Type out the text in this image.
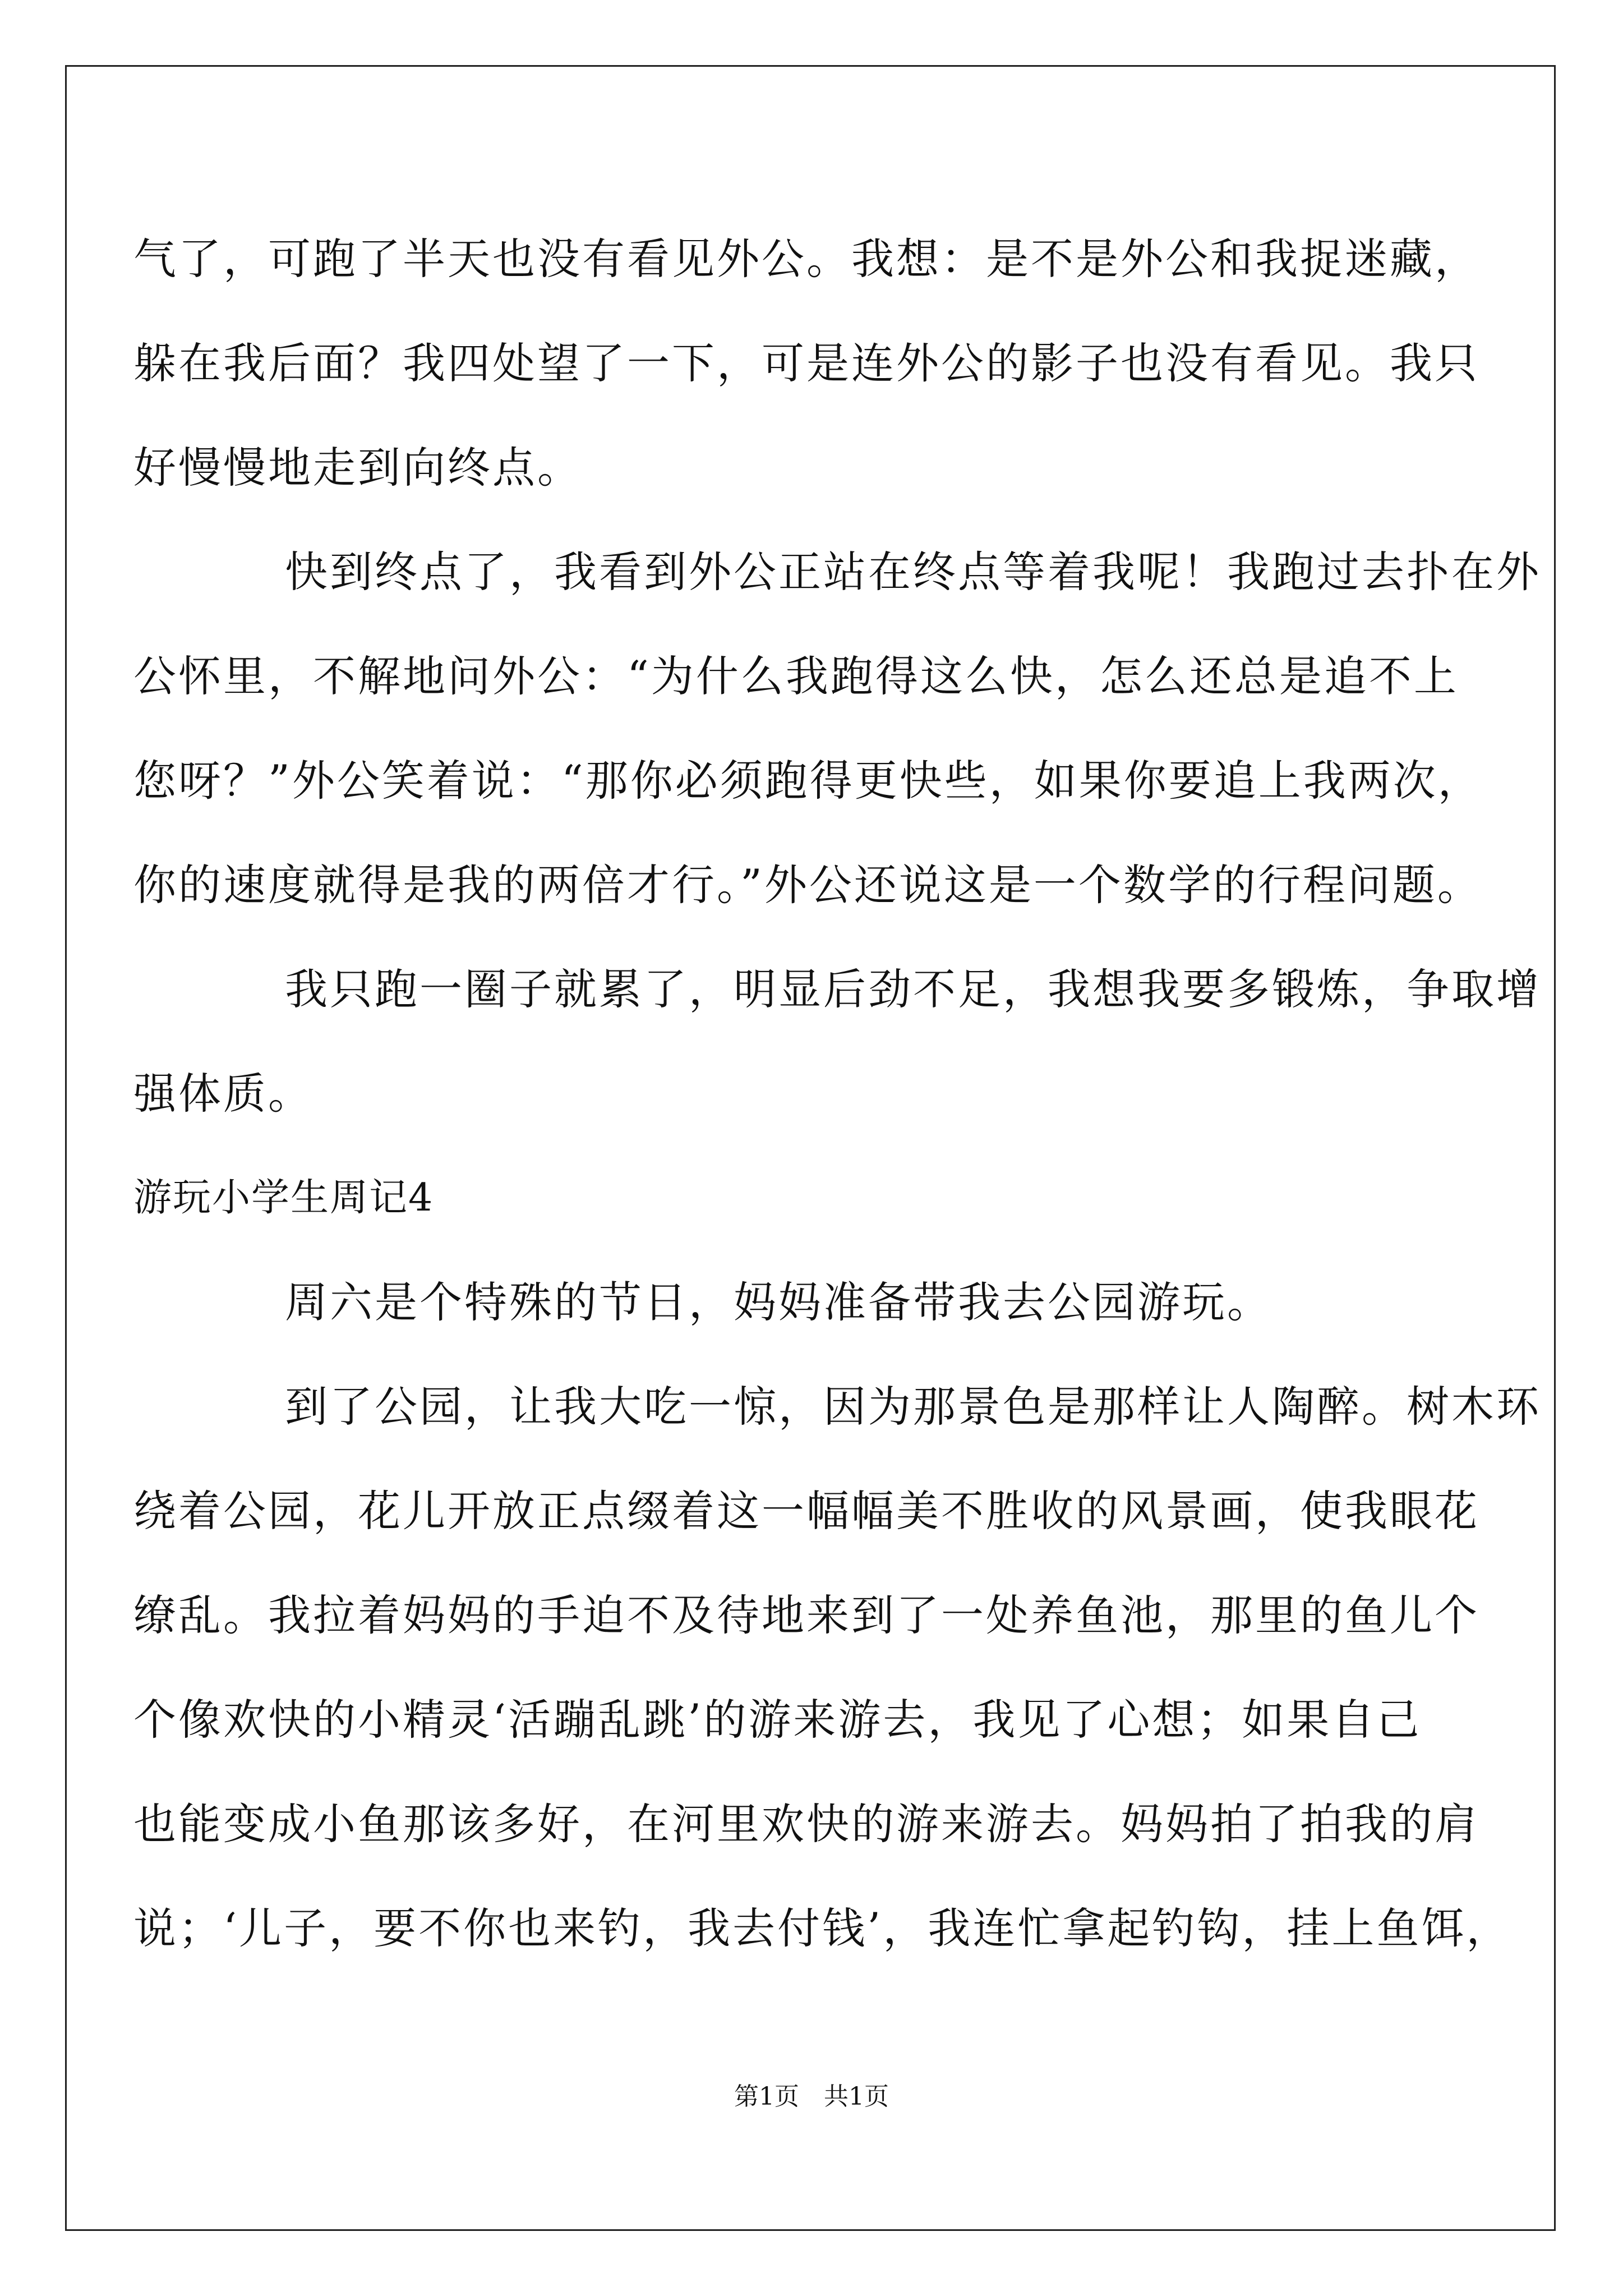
气了，可跑了半天也没有看见外公。我想：是不是外公和我捉迷藏，
躲在我后面？我四处望了一下，可是连外公的影子也没有看见。我只
好慢慢地走到向终点。
快到终点了，我看到外公正站在终点等着我呢！我跑过去扑在外
公怀里，不解地问外公：“为什么我跑得这么快，怎么还总是追不上
您呀？”外公笑着说：“那你必须跑得更快些，如果你要追上我两次，
你的速度就得是我的两倍才行。”外公还说这是一个数学的行程问题。
我只跑一圈子就累了，明显后劲不足，我想我要多锻炼，争取增
强体质。
游玩小学生周记4
周六是个特殊的节日，妈妈准备带我去公园游玩。
到了公园，让我大吃一惊，因为那景色是那样让人陶醉。树木环
绕着公园，花儿开放正点缀着这一幅幅美不胜收的风景画，使我眼花
缭乱。我拉着妈妈的手迫不及待地来到了一处养鱼池，那里的鱼儿个
个像欢快的小精灵‘活蹦乱跳’的游来游去，我见了心想；如果自己
也能变成小鱼那该多好，在河里欢快的游来游去。妈妈拍了拍我的肩
说；‘儿子，要不你也来钓，我去付钱’，我连忙拿起钓钩，挂上鱼饵，
第1页　共1页
